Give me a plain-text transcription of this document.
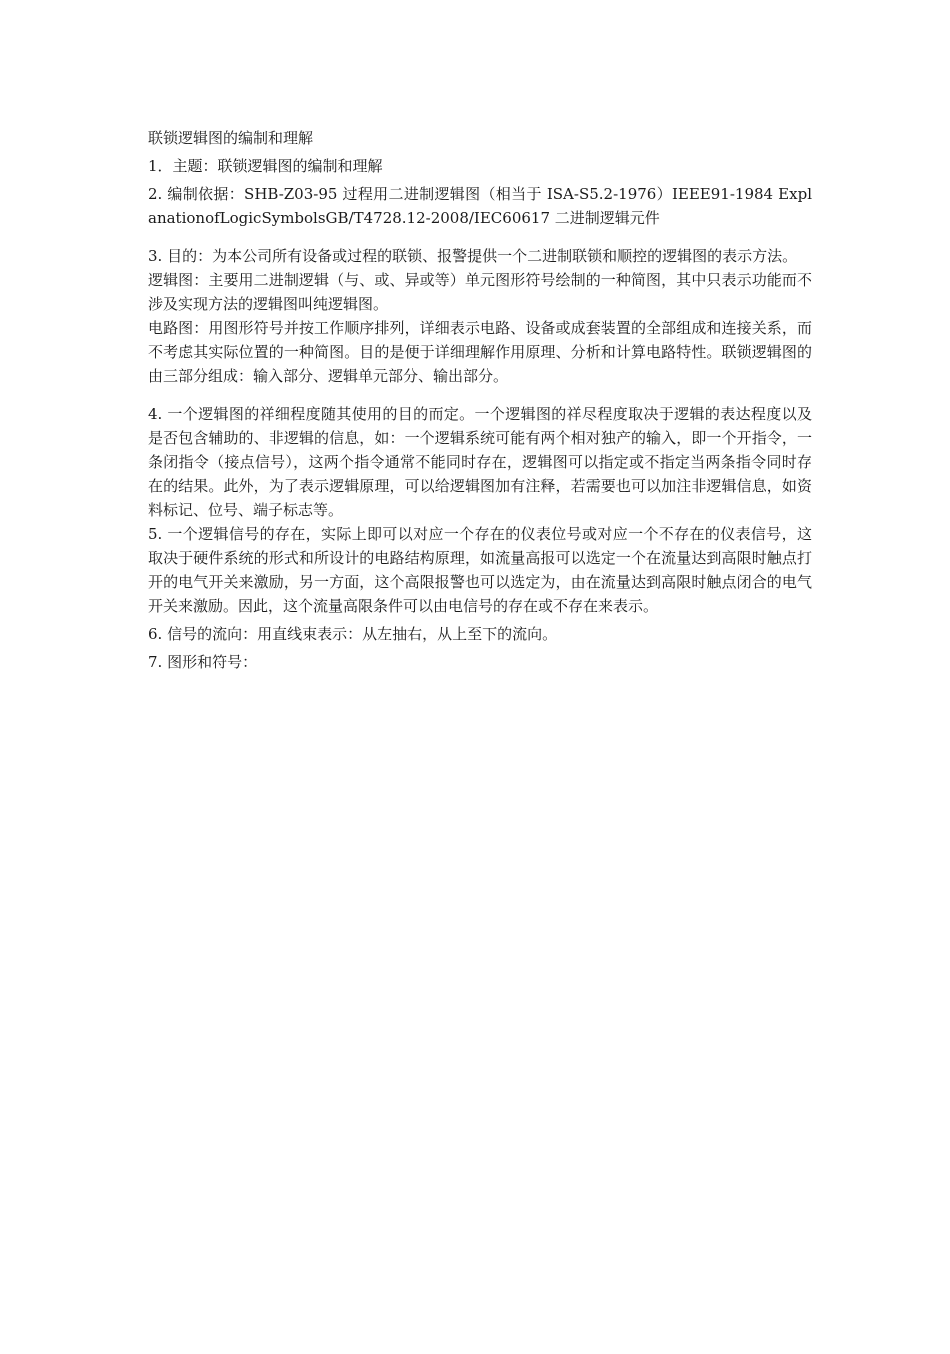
联锁逻辑图的编制和理解

1．主题：联锁逻辑图的编制和理解

2. 编制依据：SHB-Z03-95 过程用二进制逻辑图（相当于 ISA-S5.2-1976）IEEE91-1984 ExplanationofLogicSymbolsGB/T4728.12-2008/IEC60617 二进制逻辑元件

3. 目的：为本公司所有设备或过程的联锁、报警提供一个二进制联锁和顺控的逻辑图的表示方法。

逻辑图：主要用二进制逻辑（与、或、异或等）单元图形符号绘制的一种简图，其中只表示功能而不涉及实现方法的逻辑图叫纯逻辑图。

电路图：用图形符号并按工作顺序排列，详细表示电路、设备或成套装置的全部组成和连接关系，而不考虑其实际位置的一种简图。目的是便于详细理解作用原理、分析和计算电路特性。联锁逻辑图的由三部分组成：输入部分、逻辑单元部分、输出部分。

4. 一个逻辑图的祥细程度随其使用的目的而定。一个逻辑图的祥尽程度取决于逻辑的表达程度以及是否包含辅助的、非逻辑的信息，如：一个逻辑系统可能有两个相对独产的输入，即一个开指令，一条闭指令（接点信号），这两个指令通常不能同时存在，逻辑图可以指定或不指定当两条指令同时存在的结果。此外，为了表示逻辑原理，可以给逻辑图加有注释，若需要也可以加注非逻辑信息，如资料标记、位号、端子标志等。

5. 一个逻辑信号的存在，实际上即可以对应一个存在的仪表位号或对应一个不存在的仪表信号，这取决于硬件系统的形式和所设计的电路结构原理，如流量高报可以选定一个在流量达到高限时触点打开的电气开关来激励，另一方面，这个高限报警也可以选定为，由在流量达到高限时触点闭合的电气开关来激励。因此，这个流量高限条件可以由电信号的存在或不存在来表示。

6. 信号的流向：用直线束表示：从左抽右，从上至下的流向。

7. 图形和符号：
